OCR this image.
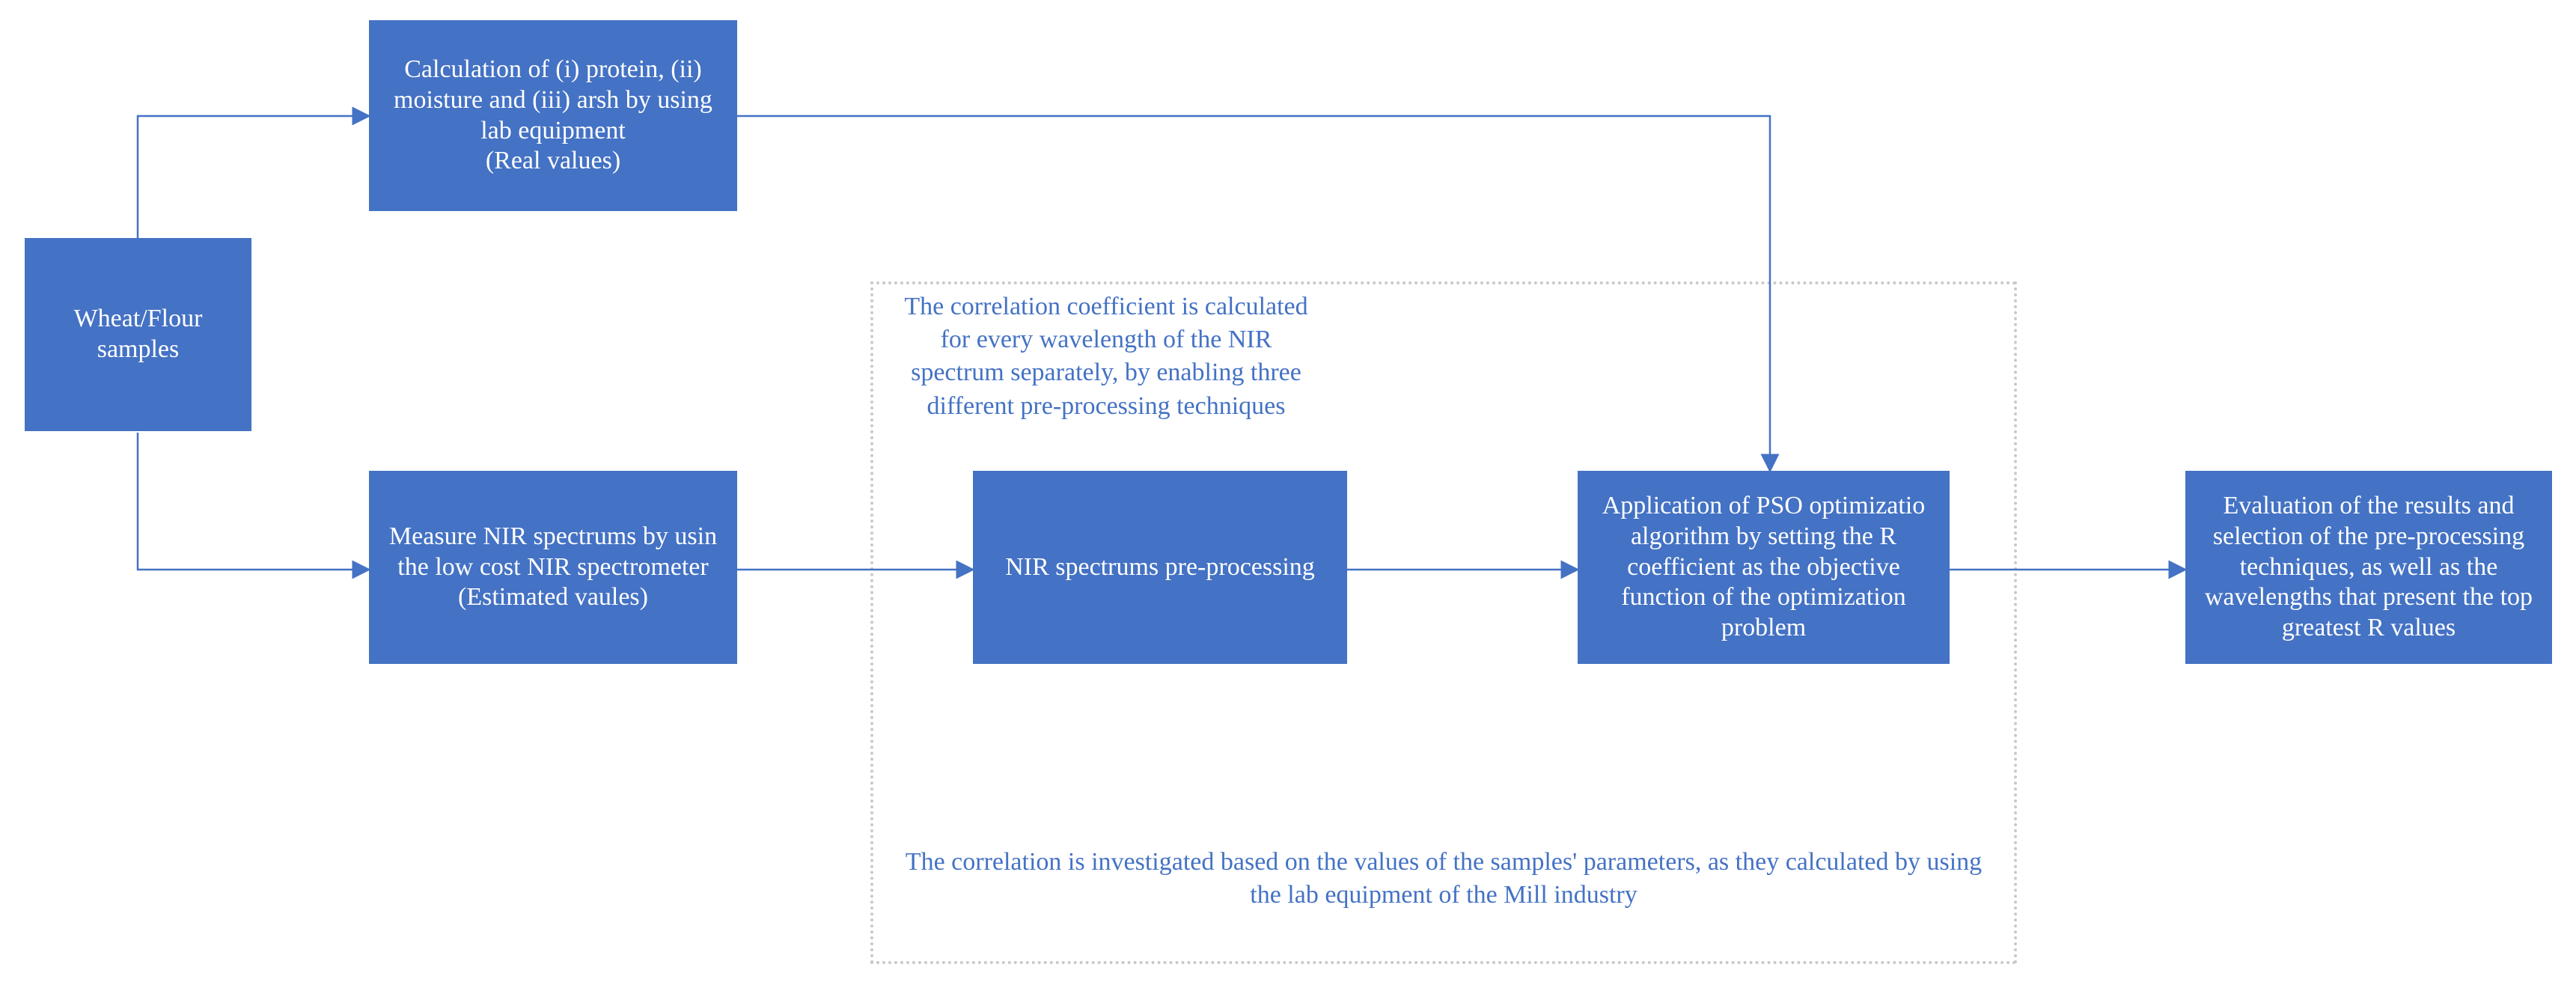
Wheat/Flour
samples
Calculation of (i) protein, (ii)
moisture and (iii) arsh by using
lab equipment
(Real values)
Measure NIR spectrums by usin
the low cost NIR spectrometer
(Estimated vaules)
NIR spectrums pre-processing
Application of PSO optimizatio
algorithm by setting the R
coefficient as the objective
function of the optimization
problem
Evaluation of the results and
selection of the pre-processing
techniques, as well as the
wavelengths that present the top
greatest R values
The correlation coefficient is calculated
for every wavelength of the NIR
spectrum separately, by enabling three
different pre-processing techniques
The correlation is investigated based on the values of the samples' parameters, as they calculated by using
the lab equipment of the Mill industry
